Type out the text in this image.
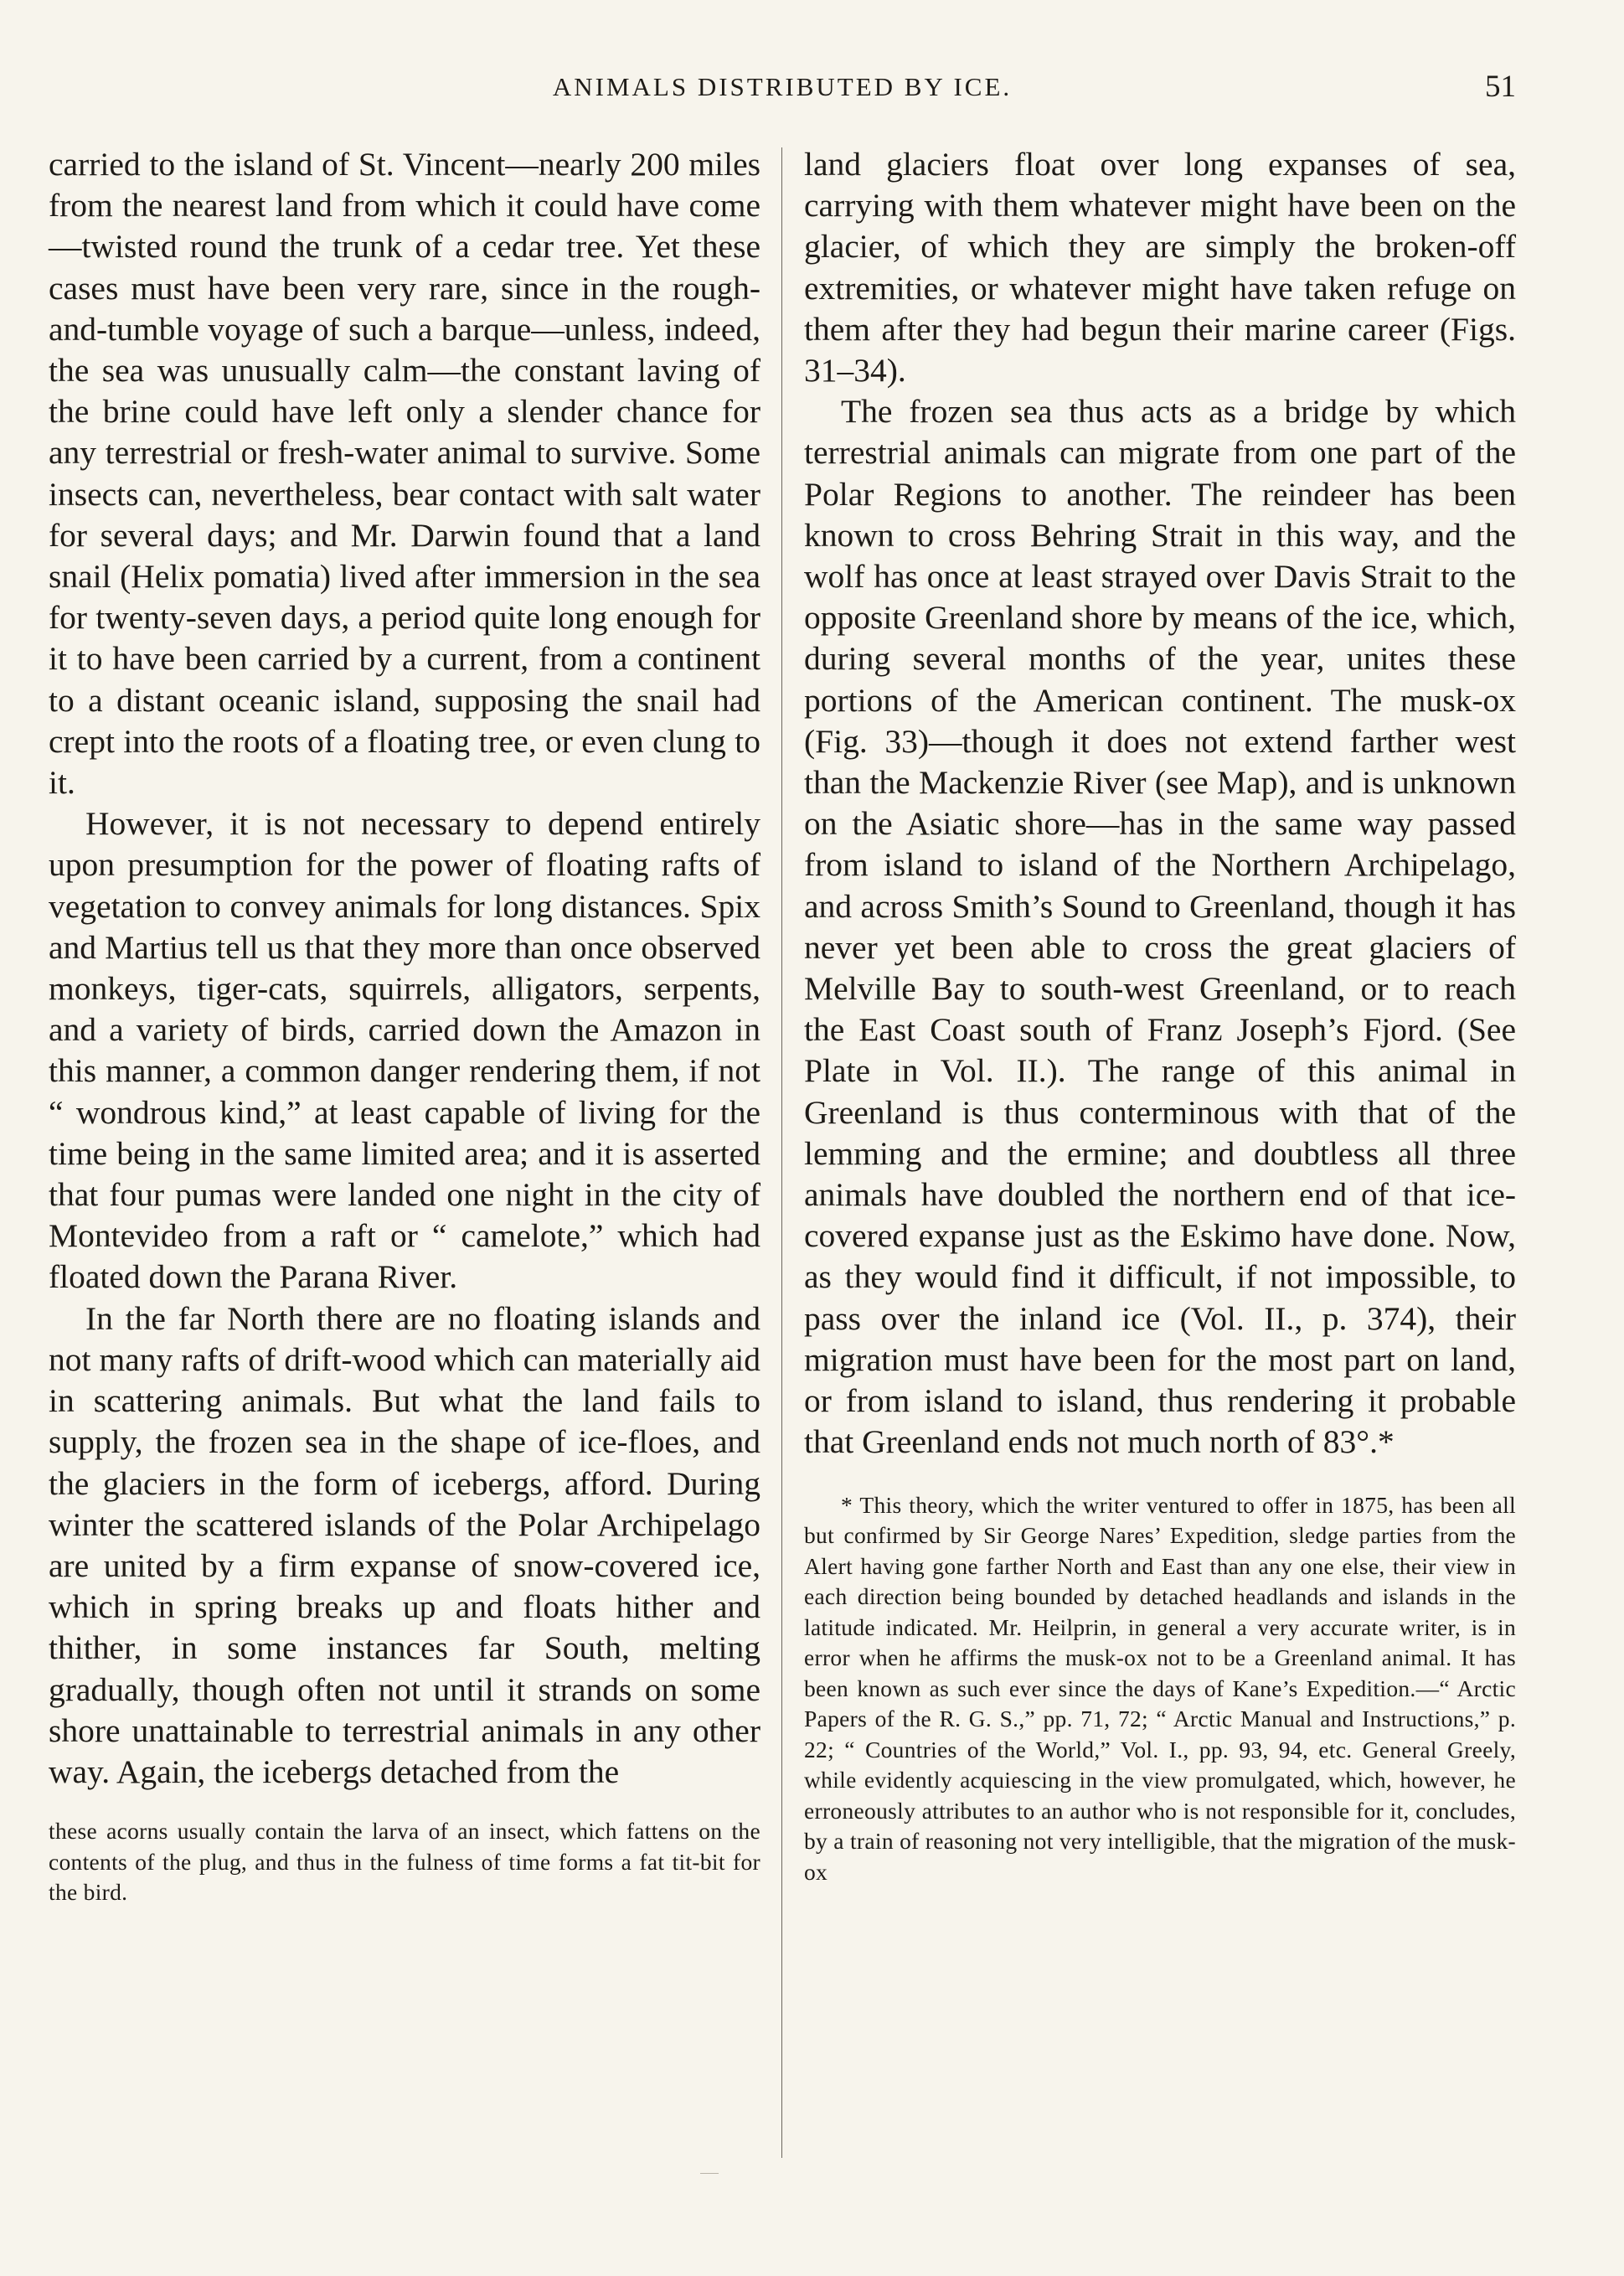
ANIMALS DISTRIBUTED BY ICE.	51

carried to the island of St. Vincent—nearly 200 miles from the nearest land from which it could have come—twisted round the trunk of a cedar tree. Yet these cases must have been very rare, since in the rough-and-tumble voyage of such a barque—unless, indeed, the sea was unusually calm—the constant laving of the brine could have left only a slender chance for any terrestrial or fresh-water animal to survive. Some insects can, nevertheless, bear contact with salt water for several days; and Mr. Darwin found that a land snail (Helix pomatia) lived after immersion in the sea for twenty-seven days, a period quite long enough for it to have been carried by a current, from a continent to a distant oceanic island, supposing the snail had crept into the roots of a floating tree, or even clung to it.

However, it is not necessary to depend entirely upon presumption for the power of floating rafts of vegetation to convey animals for long distances. Spix and Martius tell us that they more than once observed monkeys, tiger-cats, squirrels, alligators, serpents, and a variety of birds, carried down the Amazon in this manner, a common danger rendering them, if not “ wondrous kind,” at least capable of living for the time being in the same limited area; and it is asserted that four pumas were landed one night in the city of Montevideo from a raft or “ camelote,” which had floated down the Parana River.

In the far North there are no floating islands and not many rafts of drift-wood which can materially aid in scattering animals. But what the land fails to supply, the frozen sea in the shape of ice-floes, and the glaciers in the form of icebergs, afford. During winter the scattered islands of the Polar Archipelago are united by a firm expanse of snow-covered ice, which in spring breaks up and floats hither and thither, in some instances far South, melting gradually, though often not until it strands on some shore unattainable to terrestrial animals in any other way. Again, the icebergs detached from the

these acorns usually contain the larva of an insect, which fattens on the contents of the plug, and thus in the fulness of time forms a fat tit-bit for the bird.

land glaciers float over long expanses of sea, carrying with them whatever might have been on the glacier, of which they are simply the broken-off extremities, or whatever might have taken refuge on them after they had begun their marine career (Figs. 31–34).

The frozen sea thus acts as a bridge by which terrestrial animals can migrate from one part of the Polar Regions to another. The reindeer has been known to cross Behring Strait in this way, and the wolf has once at least strayed over Davis Strait to the opposite Greenland shore by means of the ice, which, during several months of the year, unites these portions of the American continent. The musk-ox (Fig. 33)—though it does not extend farther west than the Mackenzie River (see Map), and is unknown on the Asiatic shore—has in the same way passed from island to island of the Northern Archipelago, and across Smith’s Sound to Greenland, though it has never yet been able to cross the great glaciers of Melville Bay to south-west Greenland, or to reach the East Coast south of Franz Joseph’s Fjord. (See Plate in Vol. II.). The range of this animal in Greenland is thus conterminous with that of the lemming and the ermine; and doubtless all three animals have doubled the northern end of that ice-covered expanse just as the Eskimo have done. Now, as they would find it difficult, if not impossible, to pass over the inland ice (Vol. II., p. 374), their migration must have been for the most part on land, or from island to island, thus rendering it probable that Greenland ends not much north of 83°.*

* This theory, which the writer ventured to offer in 1875, has been all but confirmed by Sir George Nares’ Expedition, sledge parties from the Alert having gone farther North and East than any one else, their view in each direction being bounded by detached headlands and islands in the latitude indicated. Mr. Heilprin, in general a very accurate writer, is in error when he affirms the musk-ox not to be a Greenland animal. It has been known as such ever since the days of Kane’s Expedition.—“ Arctic Papers of the R. G. S.,” pp. 71, 72; “ Arctic Manual and Instructions,” p. 22; “ Countries of the World,” Vol. I., pp. 93, 94, etc. General Greely, while evidently acquiescing in the view promulgated, which, however, he erroneously attributes to an author who is not responsible for it, concludes, by a train of reasoning not very intelligible, that the migration of the musk-ox
